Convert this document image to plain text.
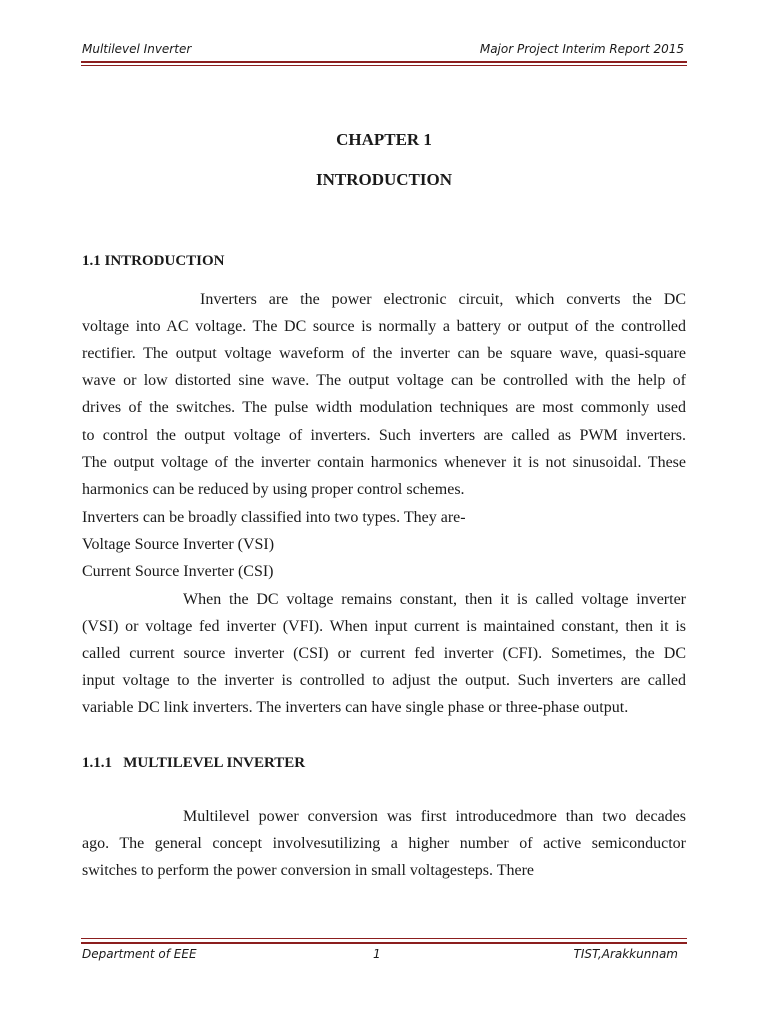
Multilevel Inverter	Major Project Interim Report 2015
CHAPTER 1
INTRODUCTION
1.1 INTRODUCTION
Inverters are the power electronic circuit, which converts the DC
voltage into AC voltage. The DC source is normally a battery or output of the controlled
rectifier. The output voltage waveform of the inverter can be square wave, quasi-square
wave or low distorted sine wave. The output voltage can be controlled with the help of
drives of the switches. The pulse width modulation techniques are most commonly used
to control the output voltage of inverters. Such inverters are called as PWM inverters.
The output voltage of the inverter contain harmonics whenever it is not sinusoidal. These
harmonics can be reduced by using proper control schemes.
Inverters can be broadly classified into two types. They are-
Voltage Source Inverter (VSI)
Current Source Inverter (CSI)
When the DC voltage remains constant, then it is called voltage inverter
(VSI) or voltage fed inverter (VFI). When input current is maintained constant, then it is
called current source inverter (CSI) or current fed inverter (CFI). Sometimes, the DC
input voltage to the inverter is controlled to adjust the output. Such inverters are called
variable DC link inverters. The inverters can have single phase or three-phase output.
1.1.1   MULTILEVEL INVERTER
Multilevel power conversion was first introducedmore than two decades
ago. The general concept involvesutilizing a higher number of active semiconductor
switches to perform the power conversion in small voltagesteps. There
Department of EEE	1	TIST,Arakkunnam
